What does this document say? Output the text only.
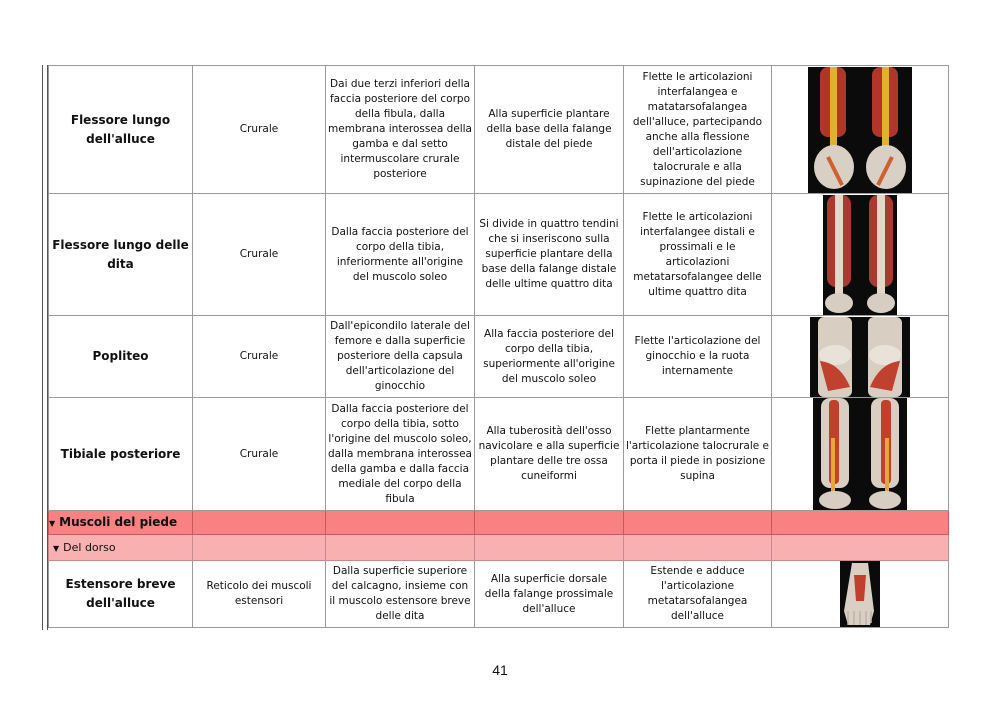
Flessore lungo dell'alluce	Crurale	Dai due terzi inferiori della faccia posteriore del corpo della fibula, dalla membrana interossea della gamba e dal setto intermuscolare crurale posteriore	Alla superficie plantare della base della falange distale del piede	Flette le articolazioni interfalangea e matatarsofalangea dell'alluce, partecipando anche alla flessione dell'articolazione talocrurale e alla supinazione del piede	

Flessore lungo delle dita	Crurale	Dalla faccia posteriore del corpo della tibia, inferiormente all'origine del muscolo soleo	Si divide in quattro tendini che si inseriscono sulla superficie plantare della base della falange distale delle ultime quattro dita	Flette le articolazioni interfalangee distali e prossimali e le articolazioni metatarsofalangee delle ultime quattro dita	

Popliteo	Crurale	Dall'epicondilo laterale del femore e dalla superficie posteriore della capsula dell'articolazione del ginocchio	Alla faccia posteriore del corpo della tibia, superiormente all'origine del muscolo soleo	Flette l'articolazione del ginocchio e la ruota internamente	

Tibiale posteriore	Crurale	Dalla faccia posteriore del corpo della tibia, sotto l'origine del muscolo soleo, dalla membrana interossea della gamba e dalla faccia mediale del corpo della fibula	Alla tuberosità dell'osso navicolare e alla superficie plantare delle tre ossa cuneiformi	Flette plantarmente l'articolazione talocrurale e porta il piede in posizione supina	

▼ Muscoli del piede					
▼ Del dorso					
Estensore breve dell'alluce	Reticolo dei muscoli estensori	Dalla superficie superiore del calcagno, insieme con il muscolo estensore breve delle dita	Alla superficie dorsale della falange prossimale dell'alluce	Estende e adduce l'articolazione metatarsofalangea dell'alluce	
41
